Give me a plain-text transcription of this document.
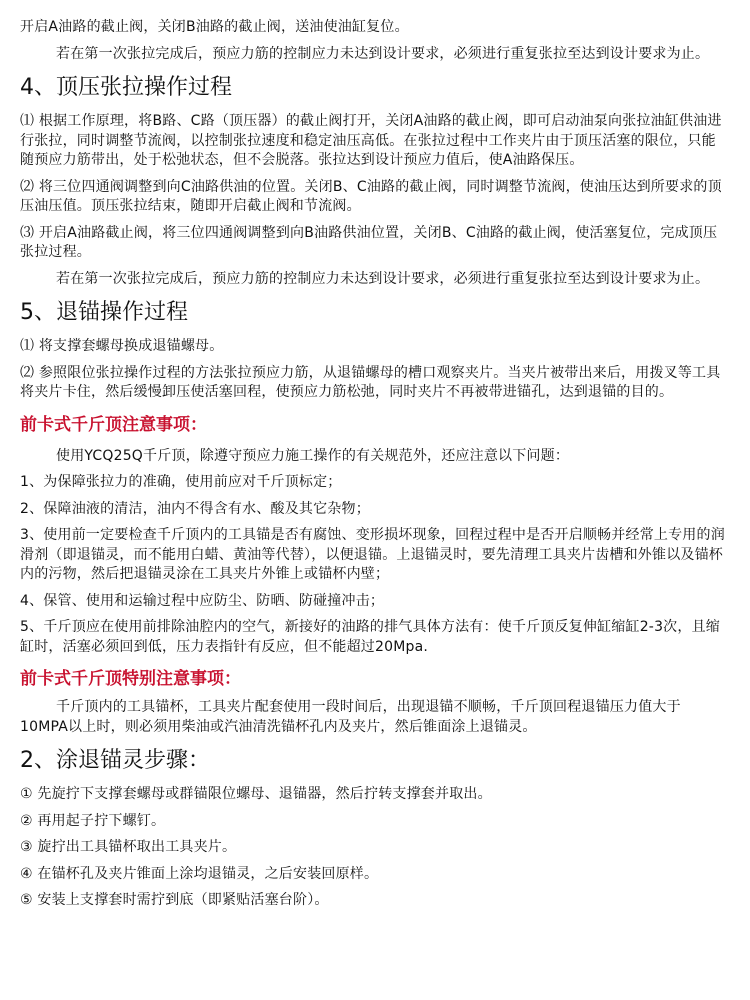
开启A油路的截止阀，关闭B油路的截止阀，送油使油缸复位。

若在第一次张拉完成后，预应力筋的控制应力未达到设计要求，必须进行重复张拉至达到设计要求为止。

4、顶压张拉操作过程

⑴ 根据工作原理，将B路、C路（顶压器）的截止阀打开，关闭A油路的截止阀，即可启动油泵向张拉油缸供油进行张拉，同时调整节流阀，以控制张拉速度和稳定油压高低。在张拉过程中工作夹片由于顶压活塞的限位，只能随预应力筋带出，处于松弛状态，但不会脱落。张拉达到设计预应力值后，使A油路保压。

⑵ 将三位四通阀调整到向C油路供油的位置。关闭B、C油路的截止阀，同时调整节流阀，使油压达到所要求的顶压油压值。顶压张拉结束，随即开启截止阀和节流阀。

⑶ 开启A油路截止阀，将三位四通阀调整到向B油路供油位置，关闭B、C油路的截止阀，使活塞复位，完成顶压张拉过程。

若在第一次张拉完成后，预应力筋的控制应力未达到设计要求，必须进行重复张拉至达到设计要求为止。

5、退锚操作过程

⑴ 将支撑套螺母换成退锚螺母。

⑵ 参照限位张拉操作过程的方法张拉预应力筋，从退锚螺母的槽口观察夹片。当夹片被带出来后，用拨叉等工具将夹片卡住，然后缓慢卸压使活塞回程，使预应力筋松弛，同时夹片不再被带进锚孔，达到退锚的目的。

前卡式千斤顶注意事项：

使用YCQ25Q千斤顶，除遵守预应力施工操作的有关规范外，还应注意以下问题：

1、为保障张拉力的准确，使用前应对千斤顶标定；

2、保障油液的清洁，油内不得含有水、酸及其它杂物；

3、使用前一定要检查千斤顶内的工具锚是否有腐蚀、变形损坏现象，回程过程中是否开启顺畅并经常上专用的润滑剂（即退锚灵，而不能用白蜡、黄油等代替），以便退锚。上退锚灵时，要先清理工具夹片齿槽和外锥以及锚杯内的污物，然后把退锚灵涂在工具夹片外锥上或锚杯内壁；

4、保管、使用和运输过程中应防尘、防晒、防碰撞冲击；

5、千斤顶应在使用前排除油腔内的空气，新接好的油路的排气具体方法有：使千斤顶反复伸缸缩缸2-3次，且缩缸时，活塞必须回到低，压力表指针有反应，但不能超过20Mpa.

前卡式千斤顶特别注意事项：

千斤顶内的工具锚杯，工具夹片配套使用一段时间后，出现退锚不顺畅，千斤顶回程退锚压力值大于10MPA以上时，则必须用柴油或汽油清洗锚杯孔内及夹片，然后锥面涂上退锚灵。

2、涂退锚灵步骤：

① 先旋拧下支撑套螺母或群锚限位螺母、退锚器，然后拧转支撑套并取出。

② 再用起子拧下螺钉。

③ 旋拧出工具锚杯取出工具夹片。

④ 在锚杯孔及夹片锥面上涂均退锚灵，之后安装回原样。

⑤ 安装上支撑套时需拧到底（即紧贴活塞台阶）。
